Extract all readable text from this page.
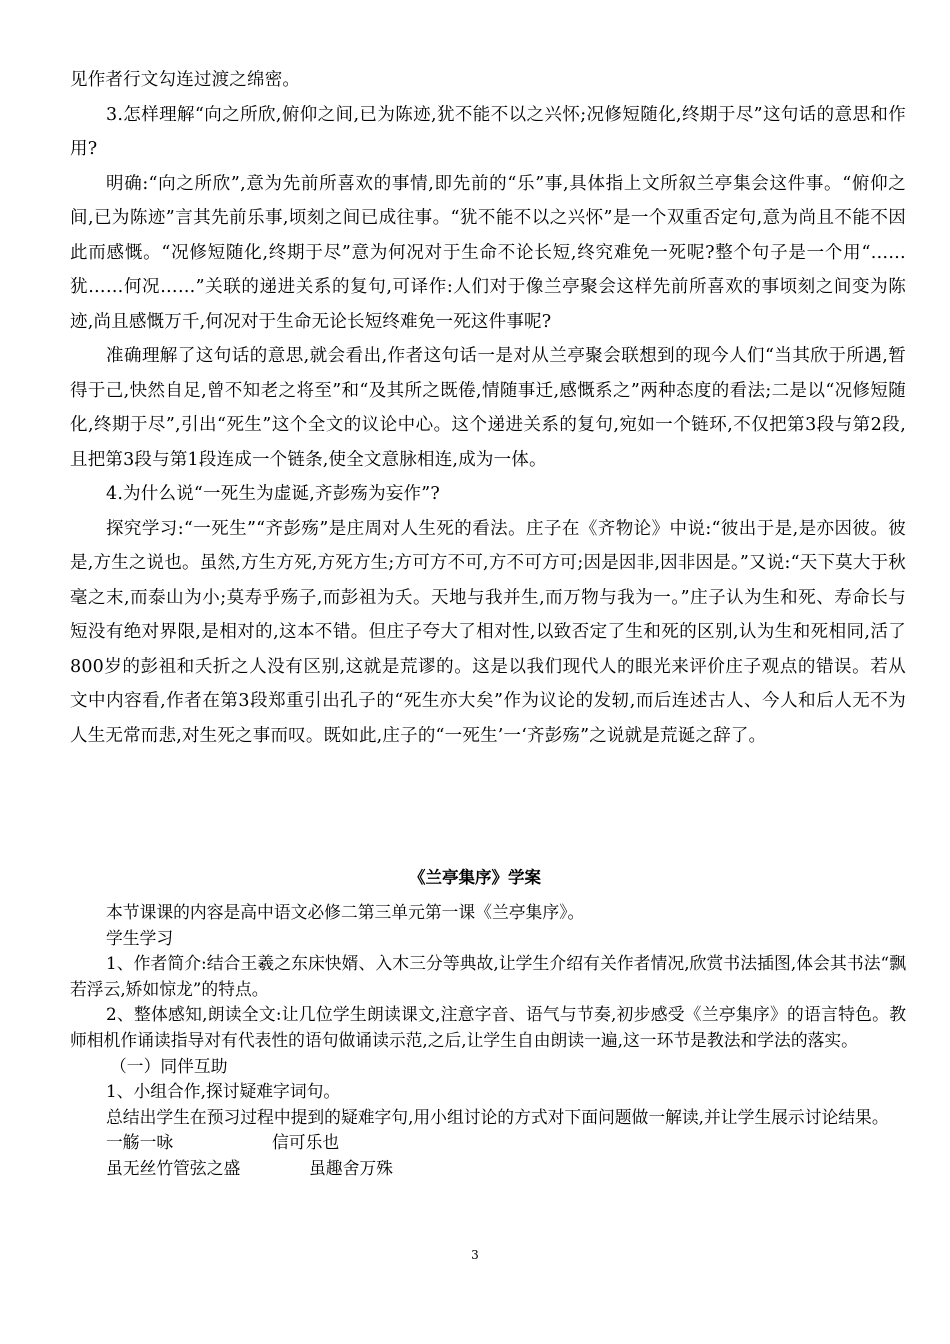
见作者行文勾连过渡之绵密。

3.怎样理解“向之所欣,俯仰之间,已为陈迹,犹不能不以之兴怀;况修短随化,终期于尽”这句话的意思和作用?

明确:“向之所欣”,意为先前所喜欢的事情,即先前的“乐”事,具体指上文所叙兰亭集会这件事。“俯仰之间,已为陈迹”言其先前乐事,顷刻之间已成往事。“犹不能不以之兴怀”是一个双重否定句,意为尚且不能不因此而感慨。“况修短随化,终期于尽”意为何况对于生命不论长短,终究难免一死呢?整个句子是一个用“……犹……何况……”关联的递进关系的复句,可译作:人们对于像兰亭聚会这样先前所喜欢的事顷刻之间变为陈迹,尚且感慨万千,何况对于生命无论长短终难免一死这件事呢?

准确理解了这句话的意思,就会看出,作者这句话一是对从兰亭聚会联想到的现今人们“当其欣于所遇,暂得于己,快然自足,曾不知老之将至”和“及其所之既倦,情随事迁,感慨系之”两种态度的看法;二是以“况修短随化,终期于尽”,引出“死生”这个全文的议论中心。这个递进关系的复句,宛如一个链环,不仅把第3段与第2段,且把第3段与第1段连成一个链条,使全文意脉相连,成为一体。

4.为什么说“一死生为虚诞,齐彭殇为妄作”?

探究学习:“一死生”“齐彭殇”是庄周对人生死的看法。庄子在《齐物论》中说:“彼出于是,是亦因彼。彼是,方生之说也。虽然,方生方死,方死方生;方可方不可,方不可方可;因是因非,因非因是。”又说:“天下莫大于秋毫之末,而泰山为小;莫寿乎殇子,而彭祖为夭。天地与我并生,而万物与我为一。”庄子认为生和死、寿命长与短没有绝对界限,是相对的,这本不错。但庄子夸大了相对性,以致否定了生和死的区别,认为生和死相同,活了800岁的彭祖和夭折之人没有区别,这就是荒谬的。这是以我们现代人的眼光来评价庄子观点的错误。若从文中内容看,作者在第3段郑重引出孔子的“死生亦大矣”作为议论的发轫,而后连述古人、今人和后人无不为人生无常而悲,对生死之事而叹。既如此,庄子的“一死生’一‘齐彭殇”之说就是荒诞之辞了。

《兰亭集序》学案

本节课课的内容是高中语文必修二第三单元第一课《兰亭集序》。

学生学习

1、作者简介:结合王羲之东床快婿、入木三分等典故,让学生介绍有关作者情况,欣赏书法插图,体会其书法“飘若浮云,矫如惊龙”的特点。

2、整体感知,朗读全文:让几位学生朗读课文,注意字音、语气与节奏,初步感受《兰亭集序》的语言特色。教师相机作诵读指导对有代表性的语句做诵读示范,之后,让学生自由朗读一遍,这一环节是教法和学法的落实。

（一）同伴互助

1、小组合作,探讨疑难字词句。

总结出学生在预习过程中提到的疑难字句,用小组讨论的方式对下面问题做一解读,并让学生展示讨论结果。

一觞一咏	信可乐也
虽无丝竹管弦之盛	虽趣舍万殊
3
